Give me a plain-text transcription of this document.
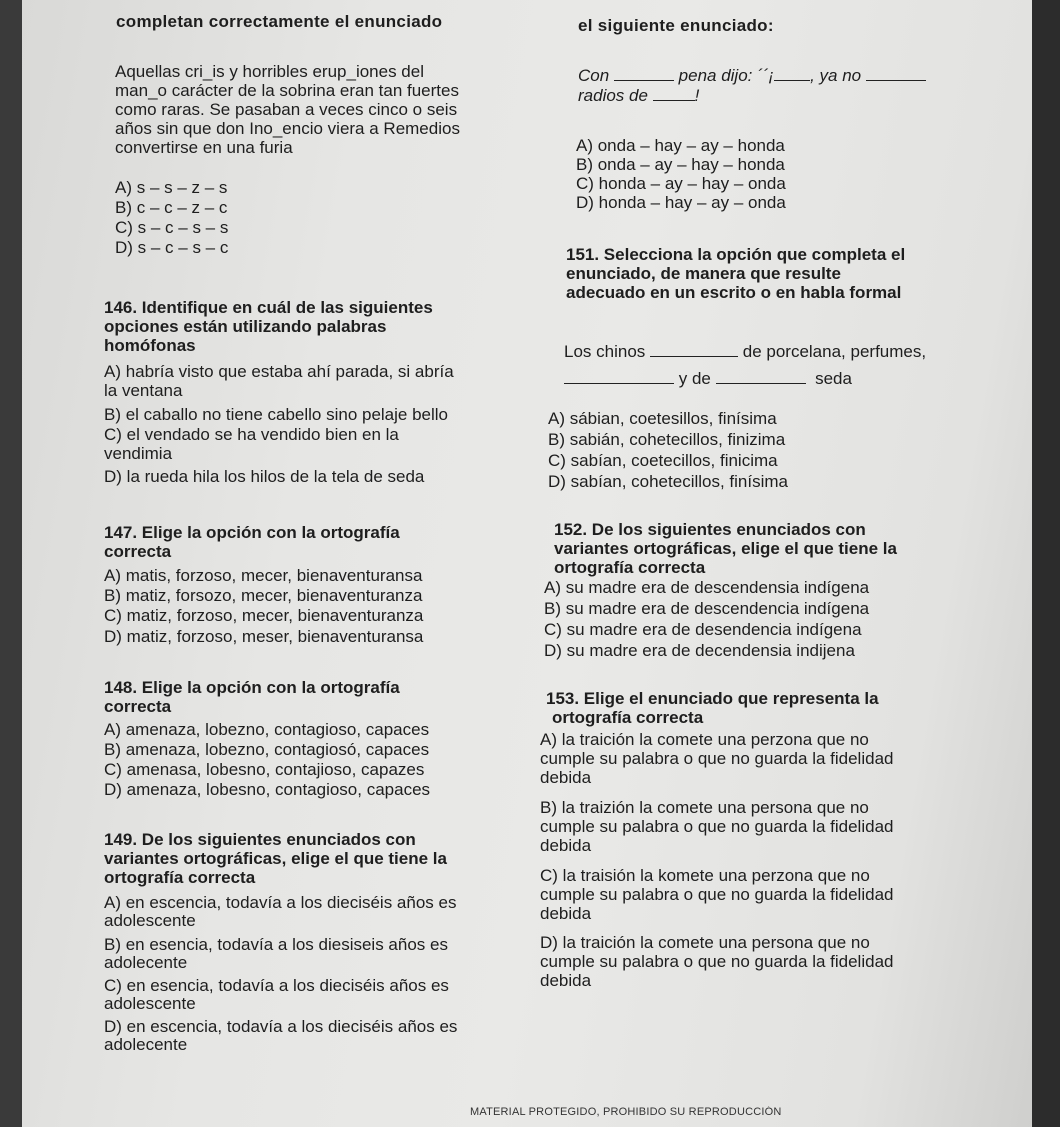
completan correctamente el enunciado	el siguiente enunciado:
Aquellas cri_is y horribles erup_iones del
man_o carácter de la sobrina eran tan fuertes
como raras. Se pasaban a veces cinco o seis
años sin que don Ino_encio viera a Remedios
convertirse en una furia
A) s – s – z – s
B) c – c – z – c
C) s – c – s – s
D) s – c – s – c
146. Identifique en cuál de las siguientes
opciones están utilizando palabras
homófonas
A) habría visto que estaba ahí parada, si abría
la ventana
B) el caballo no tiene cabello sino pelaje bello
C) el vendado se ha vendido bien en la
vendimia
D) la rueda hila los hilos de la tela de seda
147. Elige la opción con la ortografía
correcta
A) matis, forzoso, mecer, bienaventuransa
B) matiz, forsozo, mecer, bienaventuranza
C) matiz, forzoso, mecer, bienaventuranza
D) matiz, forzoso, meser, bienaventuransa
148. Elige la opción con la ortografía
correcta
A) amenaza, lobezno, contagioso, capaces
B) amenaza, lobezno, contagiosó, capaces
C) amenasa, lobesno, contajioso, capazes
D) amenaza, lobesno, contagioso, capaces
149. De los siguientes enunciados con
variantes ortográficas, elige el que tiene la
ortografía correcta
A) en escencia, todavía a los dieciséis años es
adolescente
B) en esencia, todavía a los diesiseis años es
adolecente
C) en esencia, todavía a los dieciséis años es
adolescente
D) en escencia, todavía a los dieciséis años es
adolecente
Con	pena dijo: ´´¡ , ya no
radios de	!
A) onda – hay – ay – honda
B) onda – ay – hay – honda
C) honda – ay – hay – onda
D) honda – hay – ay – onda
151. Selecciona la opción que completa el
enunciado, de manera que resulte
adecuado en un escrito o en habla formal
Los chinos	de porcelana, perfumes,
y de	seda
A) sábian, coetesillos, finísima
B) sabián, cohetecillos, finizima
C) sabían, coetecillos, finicima
D) sabían, cohetecillos, finísima
152. De los siguientes enunciados con
variantes ortográficas, elige el que tiene la
ortografía correcta
A) su madre era de descendensia indígena
B) su madre era de descendencia indígena
C) su madre era de desendencia indígena
D) su madre era de decendensia indijena
153. Elige el enunciado que representa la
ortografía correcta
A) la traición la comete una perzona que no
cumple su palabra o que no guarda la fidelidad
debida
B) la traizión la comete una persona que no
cumple su palabra o que no guarda la fidelidad
debida
C) la traisión la komete una perzona que no
cumple su palabra o que no guarda la fidelidad
debida
D) la traición la comete una persona que no
cumple su palabra o que no guarda la fidelidad
debida
MATERIAL PROTEGIDO, PROHIBIDO SU REPRODUCCIÓN
